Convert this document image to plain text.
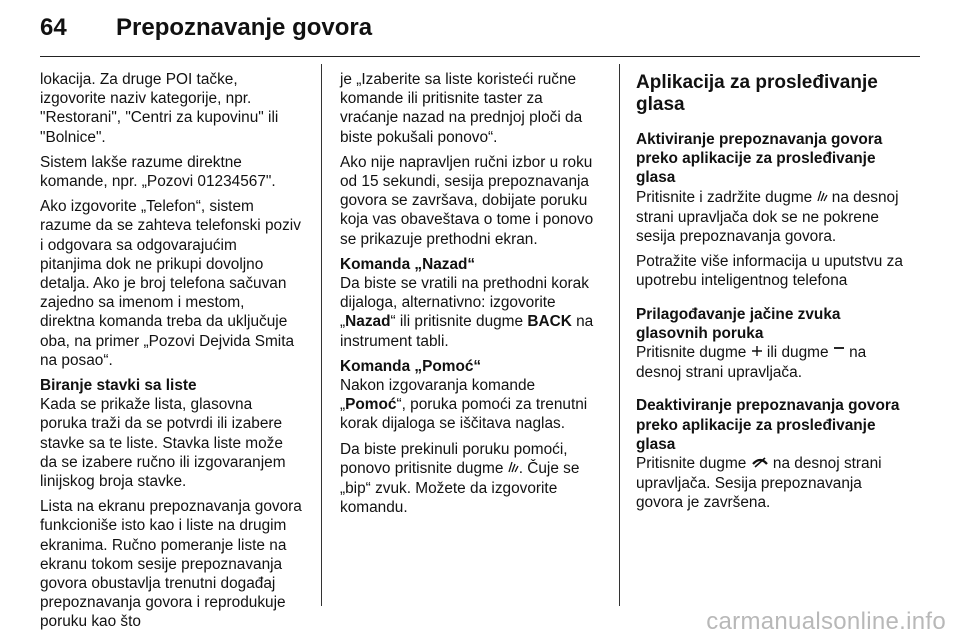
64	Prepoznavanje govora

lokacija. Za druge POI tačke, izgovorite naziv kategorije, npr. "Restorani", "Centri za kupovinu" ili "Bolnice".

Sistem lakše razume direktne komande, npr. „Pozovi 01234567".

Ako izgovorite „Telefon“, sistem razume da se zahteva telefonski poziv i odgovara sa odgovarajućim pitanjima dok ne prikupi dovoljno detalja. Ako je broj telefona sačuvan zajedno sa imenom i mestom, direktna komanda treba da uključuje oba, na primer „Pozovi Dejvida Smita na posao“.

Biranje stavki sa liste

Kada se prikaže lista, glasovna poruka traži da se potvrdi ili izabere stavke sa te liste. Stavka liste može da se izabere ručno ili izgovaranjem linijskog broja stavke.

Lista na ekranu prepoznavanja govora funkcioniše isto kao i liste na drugim ekranima. Ručno pomeranje liste na ekranu tokom sesije prepoznavanja govora obustavlja trenutni događaj prepoznavanja govora i reprodukuje poruku kao što

je „Izaberite sa liste koristeći ručne komande ili pritisnite taster za vraćanje nazad na prednjoj ploči da biste pokušali ponovo“.

Ako nije napravljen ručni izbor u roku od 15 sekundi, sesija prepoznavanja govora se završava, dobijate poruku koja vas obaveštava o tome i ponovo se prikazuje prethodni ekran.

Komanda „Nazad“

Da biste se vratili na prethodni korak dijaloga, alternativno: izgovorite „Nazad“ ili pritisnite dugme BACK na instrument tabli.

Komanda „Pomoć“

Nakon izgovaranja komande „Pomoć“, poruka pomoći za trenutni korak dijaloga se iščitava naglas.

Da biste prekinuli poruku pomoći, ponovo pritisnite dugme . Čuje se „bip“ zvuk. Možete da izgovorite komandu.

Aplikacija za prosleđivanje glasa
Aktiviranje prepoznavanja govora preko aplikacije za prosleđivanje glasa

Pritisnite i zadržite dugme  na desnoj strani upravljača dok se ne pokrene sesija prepoznavanja govora.

Potražite više informacija u uputstvu za upotrebu inteligentnog telefona

Prilagođavanje jačine zvuka glasovnih poruka

Pritisnite dugme  ili dugme  na desnoj strani upravljača.

Deaktiviranje prepoznavanja govora preko aplikacije za prosleđivanje glasa

Pritisnite dugme  na desnoj strani upravljača. Sesija prepoznavanja govora je završena.

carmanualsonline.info
